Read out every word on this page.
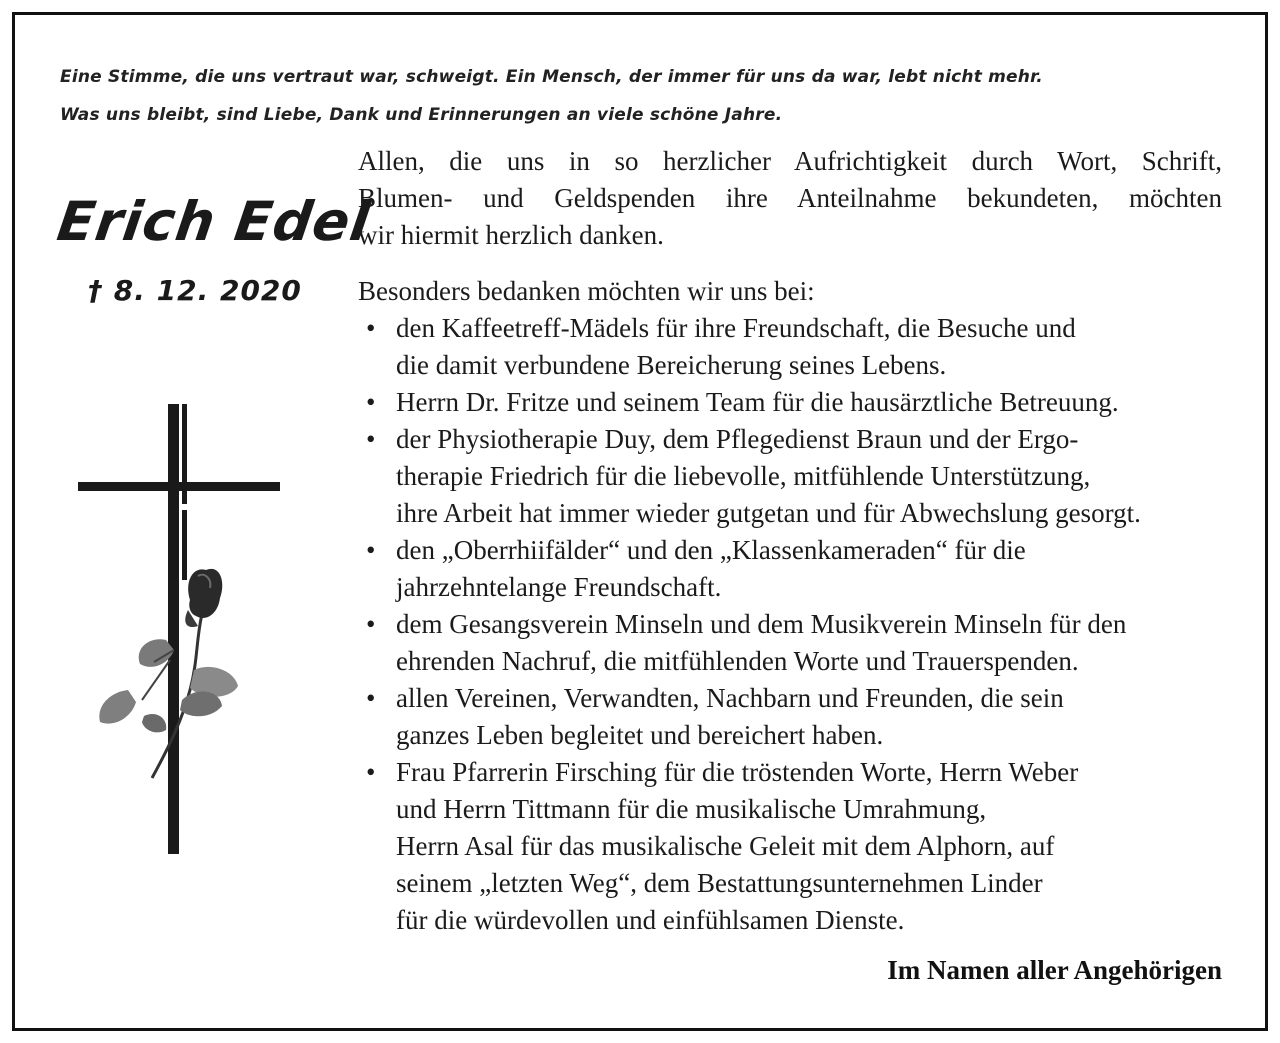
Eine Stimme, die uns vertraut war, schweigt. Ein Mensch, der immer für uns da war, lebt nicht mehr.
Was uns bleibt, sind Liebe, Dank und Erinnerungen an viele schöne Jahre.
Erich Edel
† 8. 12. 2020
Allen, die uns in so herzlicher Aufrichtigkeit durch Wort, Schrift,
Blumen- und Geldspenden ihre Anteilnahme bekundeten, möchten
wir hiermit herzlich danken.
Besonders bedanken möchten wir uns bei:
• den Kaffeetreff-Mädels für ihre Freundschaft, die Besuche und
die damit verbundene Bereicherung seines Lebens.
• Herrn Dr. Fritze und seinem Team für die hausärztliche Betreuung.
• der Physiotherapie Duy, dem Pflegedienst Braun und der Ergo-
therapie Friedrich für die liebevolle, mitfühlende Unterstützung,
ihre Arbeit hat immer wieder gutgetan und für Abwechslung gesorgt.
• den „Oberrhiifälder“ und den „Klassenkameraden“ für die
jahrzehntelange Freundschaft.
• dem Gesangsverein Minseln und dem Musikverein Minseln für den
ehrenden Nachruf, die mitfühlenden Worte und Trauerspenden.
• allen Vereinen, Verwandten, Nachbarn und Freunden, die sein
ganzes Leben begleitet und bereichert haben.
• Frau Pfarrerin Firsching für die tröstenden Worte, Herrn Weber
und Herrn Tittmann für die musikalische Umrahmung,
Herrn Asal für das musikalische Geleit mit dem Alphorn, auf
seinem „letzten Weg“, dem Bestattungsunternehmen Linder
für die würdevollen und einfühlsamen Dienste.
Im Namen aller Angehörigen
